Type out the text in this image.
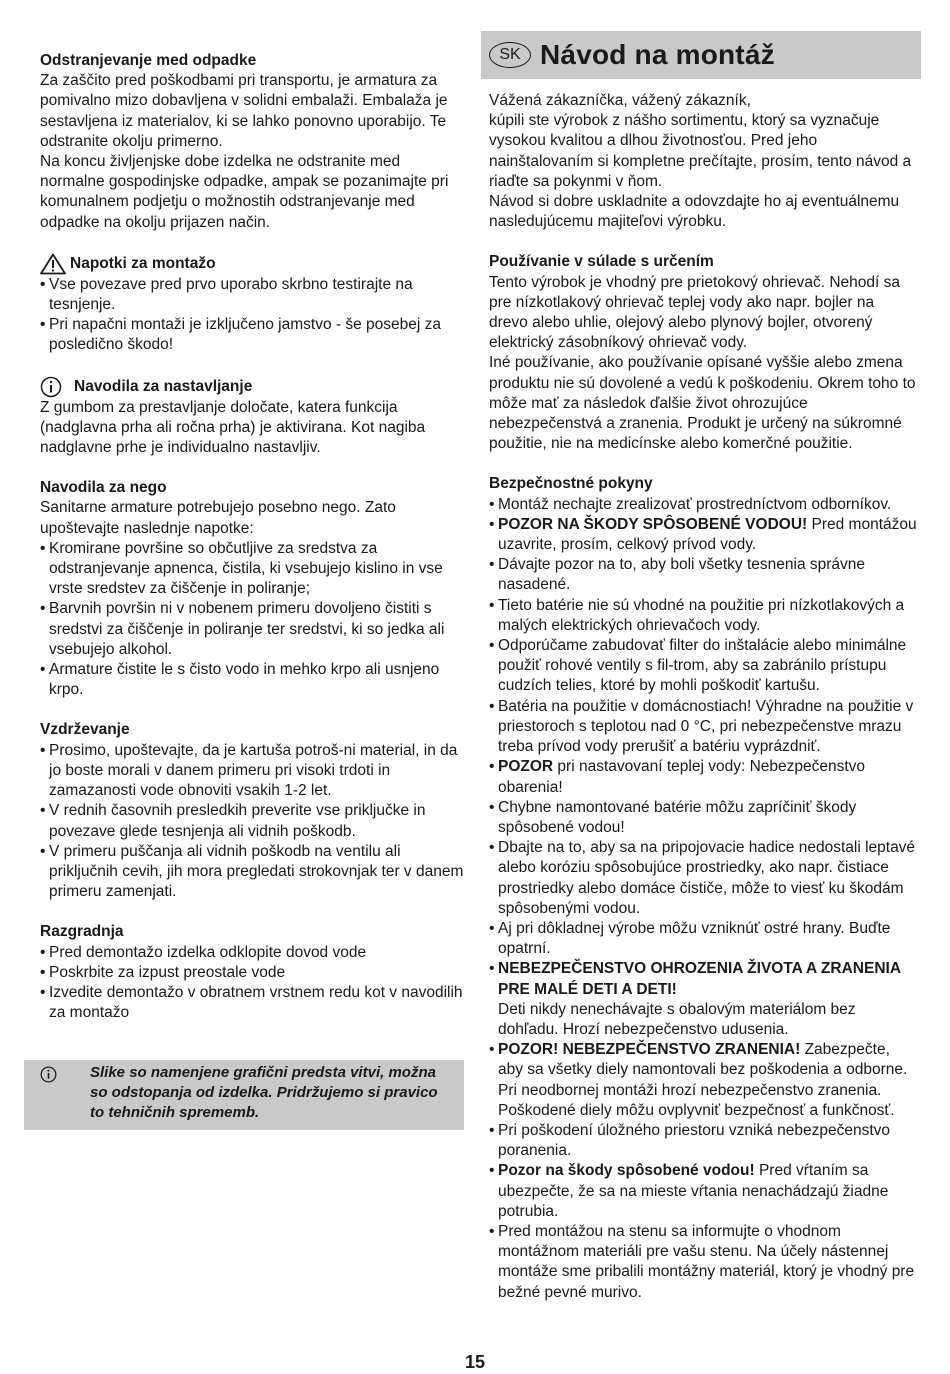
Odstranjevanje med odpadke

Za zaščito pred poškodbami pri transportu, je armatura za pomivalno mizo dobavljena v solidni embalaži. Embalaža je sestavljena iz materialov, ki se lahko ponovno uporabijo. Te odstranite okolju primerno.

Na koncu življenjske dobe izdelka ne odstranite med normalne gospodinjske odpadke, ampak se pozanimajte pri komunalnem podjetju o možnostih odstranjevanje med odpadke na okolju prijazen način.

Napotki za montažo
• Vse povezave pred prvo uporabo skrbno testirajte na tesnjenje.
• Pri napačni montaži je izključeno jamstvo - še posebej za posledično škodo!
Navodila za nastavljanje

Z gumbom za prestavljanje določate, katera funkcija (nadglavna prha ali ročna prha) je aktivirana. Kot nagiba nadglavne prhe je individualno nastavljiv.

Navodila za nego

Sanitarne armature potrebujejo posebno nego. Zato upoštevajte naslednje napotke:

• Kromirane površine so občutljive za sredstva za odstranjevanje apnenca, čistila, ki vsebujejo kislino in vse vrste sredstev za čiščenje in poliranje;
• Barvnih površin ni v nobenem primeru dovoljeno čistiti s sredstvi za čiščenje in poliranje ter sredstvi, ki so jedka ali vsebujejo alkohol.
• Armature čistite le s čisto vodo in mehko krpo ali usnjeno krpo.
Vzdrževanje
• Prosimo, upoštevajte, da je kartuša potroš-ni material, in da jo boste morali v danem primeru pri visoki trdoti in zamazanosti vode obnoviti vsakih 1-2 let.
• V rednih časovnih presledkih preverite vse priključke in povezave glede tesnjenja ali vidnih poškodb.
• V primeru puščanja ali vidnih poškodb na ventilu ali priključnih cevih, jih mora pregledati strokovnjak ter v danem primeru zamenjati.
Razgradnja
• Pred demontažo izdelka odklopite dovod vode
• Poskrbite za izpust preostale vode
• Izvedite demontažo v obratnem vrstnem redu kot v navodilih za montažo
Slike so namenjene grafični predsta vitvi, možna so odstopanja od izdelka. Pridržujemo si pravico to tehničnih sprememb.
SK Návod na montáž

Vážená zákazníčka, vážený zákazník,

kúpili ste výrobok z nášho sortimentu, ktorý sa vyznačuje vysokou kvalitou a dlhou životnosťou. Pred jeho nainštalovaním si kompletne prečítajte, prosím, tento návod a riaďte sa pokynmi v ňom.

Návod si dobre uskladnite a odovzdajte ho aj eventuálnemu nasledujúcemu majiteľovi výrobku.

Používanie v súlade s určením

Tento výrobok je vhodný pre prietokový ohrievač. Nehodí sa pre nízkotlakový ohrievač teplej vody ako napr. bojler na drevo alebo uhlie, olejový alebo plynový bojler, otvorený elektrický zásobníkový ohrievač vody.

Iné používanie, ako používanie opísané vyššie alebo zmena produktu nie sú dovolené a vedú k poškodeniu. Okrem toho to môže mať za následok ďalšie život ohrozujúce nebezpečenstvá a zranenia. Produkt je určený na súkromné použitie, nie na medicínske alebo komerčné použitie.

Bezpečnostné pokyny
• Montáž nechajte zrealizovať prostredníctvom odborníkov.
• POZOR NA ŠKODY SPÔSOBENÉ VODOU! Pred montážou uzavrite, prosím, celkový prívod vody.
• Dávajte pozor na to, aby boli všetky tesnenia správne nasadené.
• Tieto batérie nie sú vhodné na použitie pri nízkotlakových a malých elektrických ohrievačoch vody.
• Odporúčame zabudovať filter do inštalácie alebo minimálne použiť rohové ventily s fil-trom, aby sa zabránilo prístupu cudzích telies, ktoré by mohli poškodiť kartušu.
• Batéria na použitie v domácnostiach! Výhradne na použitie v priestoroch s teplotou nad 0 °C, pri nebezpečenstve mrazu treba prívod vody prerušiť a batériu vyprázdniť.
• POZOR pri nastavovaní teplej vody: Nebezpečenstvo obarenia!
• Chybne namontované batérie môžu zapríčiniť škody spôsobené vodou!
• Dbajte na to, aby sa na pripojovacie hadice nedostali leptavé alebo koróziu spôsobujúce prostriedky, ako napr. čistiace prostriedky alebo domáce čističe, môže to viesť ku škodám spôsobenými vodou.
• Aj pri dôkladnej výrobe môžu vzniknúť ostré hrany. Buďte opatrní.
• NEBEZPEČENSTVO OHROZENIA ŽIVOTA A ZRANENIA PRE MALÉ DETI A DETI!
Deti nikdy nenechávajte s obalovým materiálom bez dohľadu. Hrozí nebezpečenstvo udusenia.
• POZOR! NEBEZPEČENSTVO ZRANENIA! Zabezpečte, aby sa všetky diely namontovali bez poškodenia a odborne. Pri neodbornej montáži hrozí nebezpečenstvo zranenia. Poškodené diely môžu ovplyvniť bezpečnosť a funkčnosť.
• Pri poškodení úložného priestoru vzniká nebezpečenstvo poranenia.
• Pozor na škody spôsobené vodou! Pred vŕtaním sa ubezpečte, že sa na mieste vŕtania nenachádzajú žiadne potrubia.
• Pred montážou na stenu sa informujte o vhodnom montážnom materiáli pre vašu stenu. Na účely nástennej montáže sme pribalili montážny materiál, ktorý je vhodný pre bežné pevné murivo.
15
